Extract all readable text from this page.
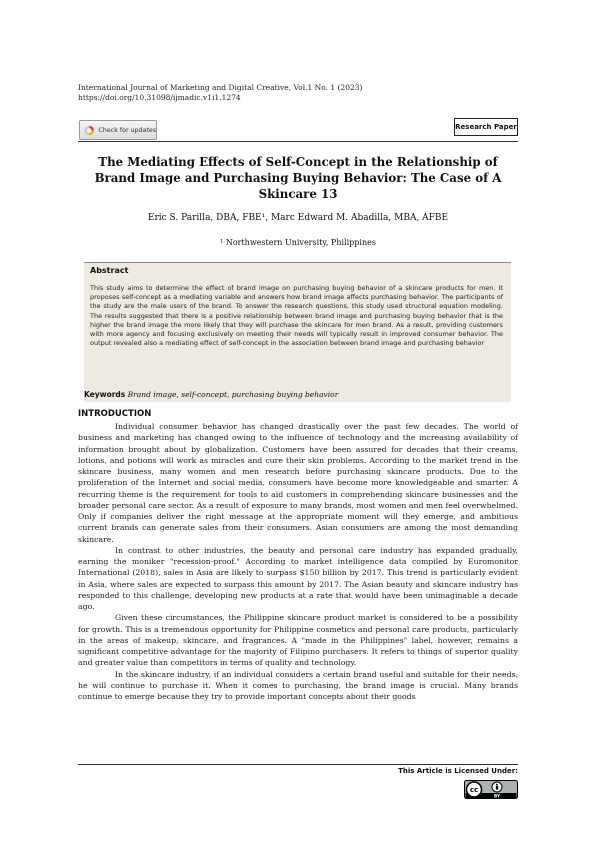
International Journal of Marketing and Digital Creative, Vol.1 No. 1 (2023)
https://doi.org/10.31098/ijmadic.v1i1.1274
Check for updates	Research Paper
The Mediating Effects of Self-Concept in the Relationship of Brand Image and Purchasing Buying Behavior: The Case of A Skincare 13
Eric S. Parilla, DBA, FBE¹, Marc Edward M. Abadilla, MBA, AFBE
¹ Northwestern University, Philippines
Abstract
This study aims to determine the effect of brand image on purchasing buying behavior of a skincare products for men. It proposes self-concept as a mediating variable and answers how brand image affects purchasing behavior. The participants of the study are the male users of the brand. To answer the research questions, this study used structural equation modeling. The results suggested that there is a positive relationship between brand image and purchasing buying behavior that is the higher the brand image the more likely that they will purchase the skincare for men brand. As a result, providing customers with more agency and focusing exclusively on meeting their needs will typically result in improved consumer behavior. The output revealed also a mediating effect of self-concept in the association between brand image and purchasing behavior
Keywords Brand image, self-concept, purchasing buying behavior
INTRODUCTION

Individual consumer behavior has changed drastically over the past few decades. The world of business and marketing has changed owing to the influence of technology and the increasing availability of information brought about by globalization. Customers have been assured for decades that their creams, lotions, and potions will work as miracles and cure their skin problems. According to the market trend in the skincare business, many women and men research before purchasing skincare products. Due to the proliferation of the Internet and social media, consumers have become more knowledgeable and smarter. A recurring theme is the requirement for tools to aid customers in comprehending skincare businesses and the broader personal care sector. As a result of exposure to many brands, most women and men feel overwhelmed. Only if companies deliver the right message at the appropriate moment will they emerge, and ambitious current brands can generate sales from their consumers. Asian consumers are among the most demanding skincare.

In contrast to other industries, the beauty and personal care industry has expanded gradually, earning the moniker "recession-proof." According to market intelligence data compiled by Euromonitor International (2018), sales in Asia are likely to surpass $150 billion by 2017. This trend is particularly evident in Asia, where sales are expected to surpass this amount by 2017. The Asian beauty and skincare industry has responded to this challenge, developing new products at a rate that would have been unimaginable a decade ago.

Given these circumstances, the Philippine skincare product market is considered to be a possibility for growth. This is a tremendous opportunity for Philippine cosmetics and personal care products, particularly in the areas of makeup, skincare, and fragrances. A "made in the Philippines" label, however, remains a significant competitive advantage for the majority of Filipino purchasers. It refers to things of superior quality and greater value than competitors in terms of quality and technology.

In the skincare industry, if an individual considers a certain brand useful and suitable for their needs, he will continue to purchase it. When it comes to purchasing, the brand image is crucial. Many brands continue to emerge because they try to provide important concepts about their goods

This Article is Licensed Under:
cc
BY
